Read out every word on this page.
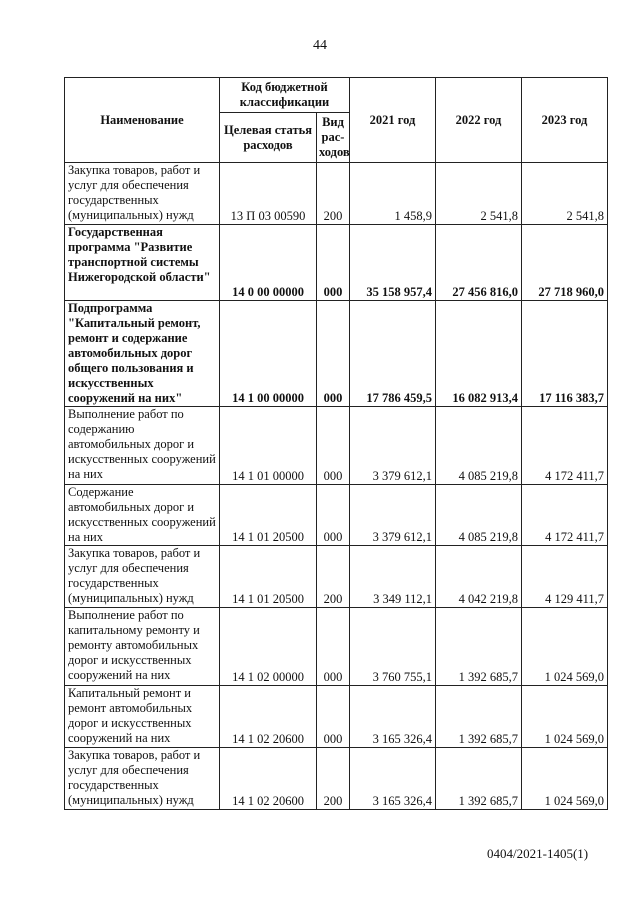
44
Наименование	Код бюджетной классификации		2021 год	2022 год	2023 год
	Целевая статья расходов	Вид рас-ходов			
Закупка товаров, работ и услуг для обеспечения государственных (муниципальных) нужд	13 П 03 00590	200	1 458,9	2 541,8	2 541,8
Государственная программа "Развитие транспортной системы Нижегородской области"	14 0 00 00000	000	35 158 957,4	27 456 816,0	27 718 960,0
Подпрограмма "Капитальный ремонт, ремонт и содержание автомобильных дорог общего пользования и искусственных сооружений на них"	14 1 00 00000	000	17 786 459,5	16 082 913,4	17 116 383,7
Выполнение работ по содержанию автомобильных дорог и искусственных сооружений на них	14 1 01 00000	000	3 379 612,1	4 085 219,8	4 172 411,7
Содержание автомобильных дорог и искусственных сооружений на них	14 1 01 20500	000	3 379 612,1	4 085 219,8	4 172 411,7
Закупка товаров, работ и услуг для обеспечения государственных (муниципальных) нужд	14 1 01 20500	200	3 349 112,1	4 042 219,8	4 129 411,7
Выполнение работ по капитальному ремонту и ремонту автомобильных дорог и искусственных сооружений на них	14 1 02 00000	000	3 760 755,1	1 392 685,7	1 024 569,0
Капитальный ремонт и ремонт автомобильных дорог и искусственных сооружений на них	14 1 02 20600	000	3 165 326,4	1 392 685,7	1 024 569,0
Закупка товаров, работ и услуг для обеспечения государственных (муниципальных) нужд	14 1 02 20600	200	3 165 326,4	1 392 685,7	1 024 569,0
0404/2021-1405(1)
